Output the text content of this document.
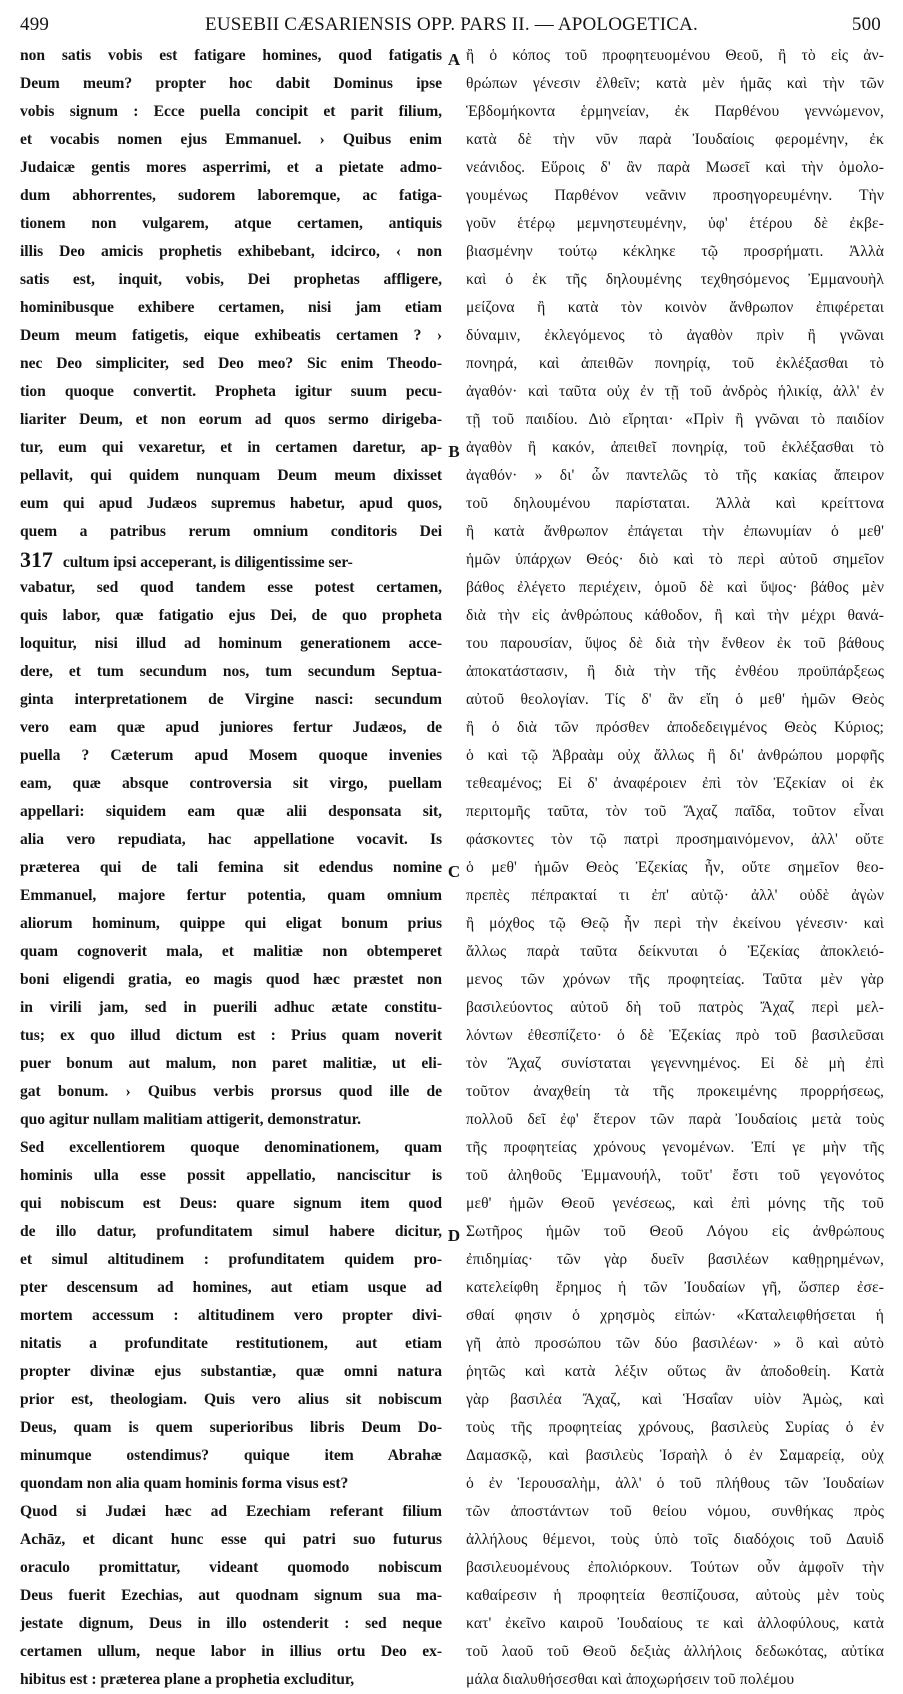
499	EUSEBII CÆSARIENSIS OPP. PARS II. — APOLOGETICA.	500
non satis vobis est fatigare homines, quod fatigatis
Deum meum? propter hoc dabit Dominus ipse
vobis signum : Ecce puella concipit et parit filium,
et vocabis nomen ejus Emmanuel. › Quibus enim
Judaicæ gentis mores asperrimi, et a pietate admo-
dum abhorrentes, sudorem laboremque, ac fatiga-
tionem non vulgarem, atque certamen, antiquis
illis Deo amicis prophetis exhibebant, idcirco, ‹ non
satis est, inquit, vobis, Dei prophetas affligere,
hominibusque exhibere certamen, nisi jam etiam
Deum meum fatigetis, eique exhibeatis certamen ? ›
nec Deo simpliciter, sed Deo meo? Sic enim Theodo-
tion quoque convertit. Propheta igitur suum pecu-
liariter Deum, et non eorum ad quos sermo dirigeba-
tur, eum qui vexaretur, et in certamen daretur, ap-
pellavit, qui quidem nunquam Deum meum dixisset
eum qui apud Judæos supremus habetur, apud quos,
quem a patribus rerum omnium conditoris Dei
317 cultum ipsi acceperant, is diligentissime ser-
vabatur, sed quod tandem esse potest certamen,
quis labor, quæ fatigatio ejus Dei, de quo propheta
loquitur, nisi illud ad hominum generationem acce-
dere, et tum secundum nos, tum secundum Septua-
ginta interpretationem de Virgine nasci: secundum
vero eam quæ apud juniores fertur Judæos, de
puella ? Cæterum apud Mosem quoque invenies
eam, quæ absque controversia sit virgo, puellam
appellari: siquidem eam quæ alii desponsata sit,
alia vero repudiata, hac appellatione vocavit. Is
præterea qui de tali femina sit edendus nomine
Emmanuel, majore fertur potentia, quam omnium
aliorum hominum, quippe qui eligat bonum prius
quam cognoverit mala, et malitiæ non obtemperet
boni eligendi gratia, eo magis quod hæc præstet non
in virili jam, sed in puerili adhuc ætate constitu-
tus; ex quo illud dictum est : Prius quam noverit
puer bonum aut malum, non paret malitiæ, ut eli-
gat bonum. › Quibus verbis prorsus quod ille de
quo agitur nullam malitiam attigerit, demonstratur.
Sed excellentiorem quoque denominationem, quam
hominis ulla esse possit appellatio, nanciscitur is
qui nobiscum est Deus: quare signum item quod
de illo datur, profunditatem simul habere dicitur,
et simul altitudinem : profunditatem quidem pro-
pter descensum ad homines, aut etiam usque ad
mortem accessum : altitudinem vero propter divi-
nitatis a profunditate restitutionem, aut etiam
propter divinæ ejus substantiæ, quæ omni natura
prior est, theologiam. Quis vero alius sit nobiscum
Deus, quam is quem superioribus libris Deum Do-
minumque ostendimus? quique item Abrahæ
quondam non alia quam hominis forma visus est?
Quod si Judæi hæc ad Ezechiam referant filium
Achāz, et dicant hunc esse qui patri suo futurus
oraculo promittatur, videant quomodo nobiscum
Deus fuerit Ezechias, aut quodnam signum sua ma-
jestate dignum, Deus in illo ostenderit : sed neque
certamen ullum, neque labor in illius ortu Deo ex-
hibitus est : præterea plane a prophetia excluditur,
A
B
C
D
ἢ ὁ κόπος τοῦ προφητευομένου Θεοῦ, ἢ τὸ εἰς ἀν-
θρώπων γένεσιν ἐλθεῖν; κατὰ μὲν ἡμᾶς καὶ τὴν τῶν
Ἑβδομήκοντα ἑρμηνείαν, ἐκ Παρθένου γεννώμενον,
κατὰ δὲ τὴν νῦν παρὰ Ἰουδαίοις φερομένην, ἐκ
νεάνιδος. Εὕροις δ' ἂν παρὰ Μωσεῖ καὶ τὴν ὁμολο-
γουμένως Παρθένον νεᾶνιν προσηγορευμένην. Τὴν
γοῦν ἑτέρῳ μεμνηστευμένην, ὑφ' ἑτέρου δὲ ἐκβε-
βιασμένην τούτῳ κέκληκε τῷ προσρήματι. Ἀλλὰ
καὶ ὁ ἐκ τῆς δηλουμένης τεχθησόμενος Ἐμμανουὴλ
μείζονα ἢ κατὰ τὸν κοινὸν ἄνθρωπον ἐπιφέρεται
δύναμιν, ἐκλεγόμενος τὸ ἀγαθὸν πρὶν ἢ γνῶναι
πονηρά, καὶ ἀπειθῶν πονηρίᾳ, τοῦ ἐκλέξασθαι τὸ
ἀγαθόν· καὶ ταῦτα οὐχ ἐν τῇ τοῦ ἀνδρὸς ἡλικίᾳ, ἀλλ' ἐν
τῇ τοῦ παιδίου. Διὸ εἴρηται· «Πρὶν ἢ γνῶναι τὸ παιδίον
ἀγαθὸν ἢ κακόν, ἀπειθεῖ πονηρίᾳ, τοῦ ἐκλέξασθαι τὸ
ἀγαθόν· » δι' ὧν παντελῶς τὸ τῆς κακίας ἄπειρον
τοῦ δηλουμένου παρίσταται. Ἀλλὰ καὶ κρείττονα
ἢ κατὰ ἄνθρωπον ἐπάγεται τὴν ἐπωνυμίαν ὁ μεθ'
ἡμῶν ὑπάρχων Θεός· διὸ καὶ τὸ περὶ αὐτοῦ σημεῖον
βάθος ἐλέγετο περιέχειν, ὁμοῦ δὲ καὶ ὕψος· βάθος μὲν
διὰ τὴν εἰς ἀνθρώπους κάθοδον, ἢ καὶ τὴν μέχρι θανά-
του παρουσίαν, ὕψος δὲ διὰ τὴν ἔνθεον ἐκ τοῦ βάθους
ἀποκατάστασιν, ἢ διὰ τὴν τῆς ἐνθέου προϋπάρξεως
αὐτοῦ θεολογίαν. Τίς δ' ἂν εἴη ὁ μεθ' ἡμῶν Θεὸς
ἢ ὁ διὰ τῶν πρόσθεν ἀποδεδειγμένος Θεὸς Κύριος;
ὁ καὶ τῷ Ἀβραὰμ οὐχ ἄλλως ἢ δι' ἀνθρώπου μορφῆς
τεθεαμένος; Εἰ δ' ἀναφέροιεν ἐπὶ τὸν Ἐζεκίαν οἱ ἐκ
περιτομῆς ταῦτα, τὸν τοῦ Ἄχαζ παῖδα, τοῦτον εἶναι
φάσκοντες τὸν τῷ πατρὶ προσημαινόμενον, ἀλλ' οὔτε
ὁ μεθ' ἡμῶν Θεὸς Ἐζεκίας ἦν, οὔτε σημεῖον θεο-
πρεπὲς πέπρακταί τι ἐπ' αὐτῷ· ἀλλ' οὐδὲ ἀγὼν
ἢ μόχθος τῷ Θεῷ ἦν περὶ τὴν ἐκείνου γένεσιν· καὶ
ἄλλως παρὰ ταῦτα δείκνυται ὁ Ἐζεκίας ἀποκλειό-
μενος τῶν χρόνων τῆς προφητείας. Ταῦτα μὲν γὰρ
βασιλεύοντος αὐτοῦ δὴ τοῦ πατρὸς Ἄχαζ περὶ μελ-
λόντων ἐθεσπίζετο· ὁ δὲ Ἐζεκίας πρὸ τοῦ βασιλεῦσαι
τὸν Ἄχαζ συνίσταται γεγεννημένος. Εἰ δὲ μὴ ἐπὶ
τοῦτον ἀναχθείη τὰ τῆς προκειμένης προρρήσεως,
πολλοῦ δεῖ ἐφ' ἕτερον τῶν παρὰ Ἰουδαίοις μετὰ τοὺς
τῆς προφητείας χρόνους γενομένων. Ἐπί γε μὴν τῆς
τοῦ ἀληθοῦς Ἐμμανουήλ, τοῦτ' ἔστι τοῦ γεγονότος
μεθ' ἡμῶν Θεοῦ γενέσεως, καὶ ἐπὶ μόνης τῆς τοῦ
Σωτῆρος ἡμῶν τοῦ Θεοῦ Λόγου εἰς ἀνθρώπους
ἐπιδημίας· τῶν γὰρ δυεῖν βασιλέων καθῃρημένων,
κατελείφθη ἔρημος ἡ τῶν Ἰουδαίων γῆ, ὥσπερ ἐσε-
σθαί φησιν ὁ χρησμὸς εἰπών· «Καταλειφθήσεται ἡ
γῆ ἀπὸ προσώπου τῶν δύο βασιλέων· » ὃ καὶ αὐτὸ
ῥητῶς καὶ κατὰ λέξιν οὕτως ἂν ἀποδοθείη. Κατὰ
γὰρ βασιλέα Ἄχαζ, καὶ Ἡσαΐαν υἱὸν Ἀμὼς, καὶ
τοὺς τῆς προφητείας χρόνους, βασιλεὺς Συρίας ὁ ἐν
Δαμασκῷ, καὶ βασιλεὺς Ἰσραὴλ ὁ ἐν Σαμαρείᾳ, οὐχ
ὁ ἐν Ἱερουσαλὴμ, ἀλλ' ὁ τοῦ πλήθους τῶν Ἰουδαίων
τῶν ἀποστάντων τοῦ θείου νόμου, συνθήκας πρὸς
ἀλλήλους θέμενοι, τοὺς ὑπὸ τοῖς διαδόχοις τοῦ Δαυὶδ
βασιλευομένους ἐπολιόρκουν. Τούτων οὖν ἀμφοῖν τὴν
καθαίρεσιν ἡ προφητεία θεσπίζουσα, αὐτοὺς μὲν τοὺς
κατ' ἐκεῖνο καιροῦ Ἰουδαίους τε καὶ ἀλλοφύλους, κατὰ
τοῦ λαοῦ τοῦ Θεοῦ δεξιὰς ἀλλήλοις δεδωκότας, αὐτίκα
μάλα διαλυθήσεσθαι καὶ ἀποχωρήσειν τοῦ πολέμου
